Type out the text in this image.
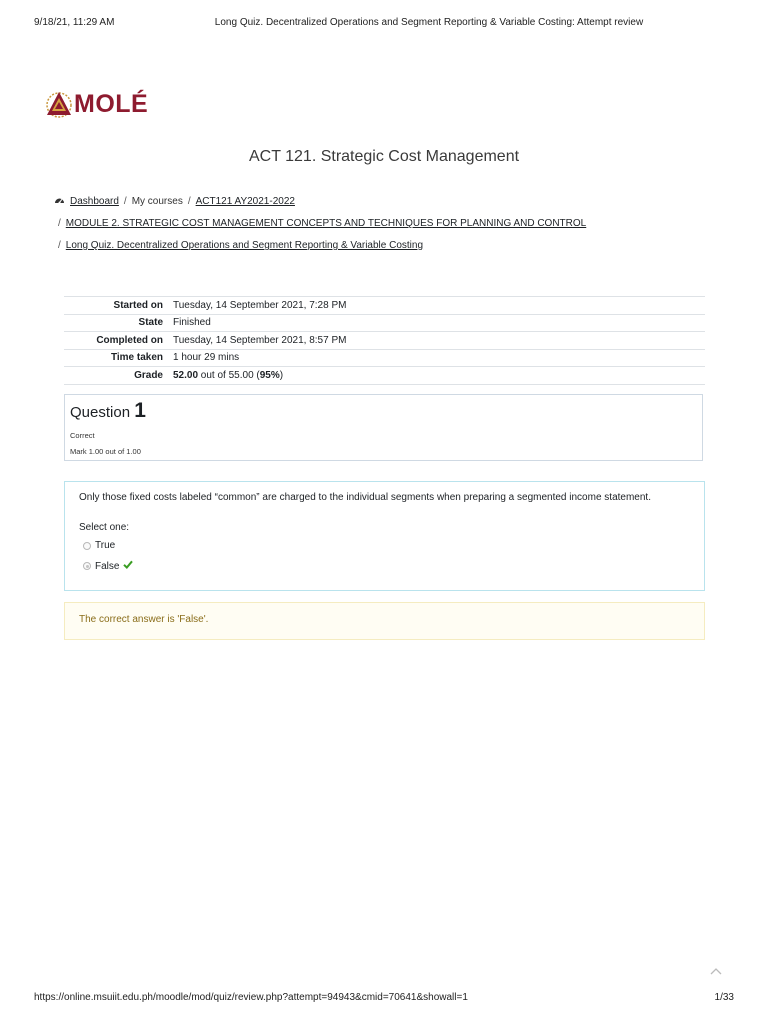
9/18/21, 11:29 AM	Long Quiz. Decentralized Operations and Segment Reporting & Variable Costing: Attempt review
MOLÉ
ACT 121. Strategic Cost Management
Dashboard / My courses / ACT121 AY2021-2022
/ MODULE 2. STRATEGIC COST MANAGEMENT CONCEPTS AND TECHNIQUES FOR PLANNING AND CONTROL
/ Long Quiz. Decentralized Operations and Segment Reporting & Variable Costing
Started on	Tuesday, 14 September 2021, 7:28 PM
State	Finished
Completed on	Tuesday, 14 September 2021, 8:57 PM
Time taken	1 hour 29 mins
Grade	52.00 out of 55.00 (95%)
Question 1
Correct
Mark 1.00 out of 1.00
Only those fixed costs labeled “common” are charged to the individual segments when preparing a segmented income statement.
Select one:
True
False
The correct answer is 'False'.
https://online.msuiit.edu.ph/moodle/mod/quiz/review.php?attempt=94943&cmid=70641&showall=1	1/33
